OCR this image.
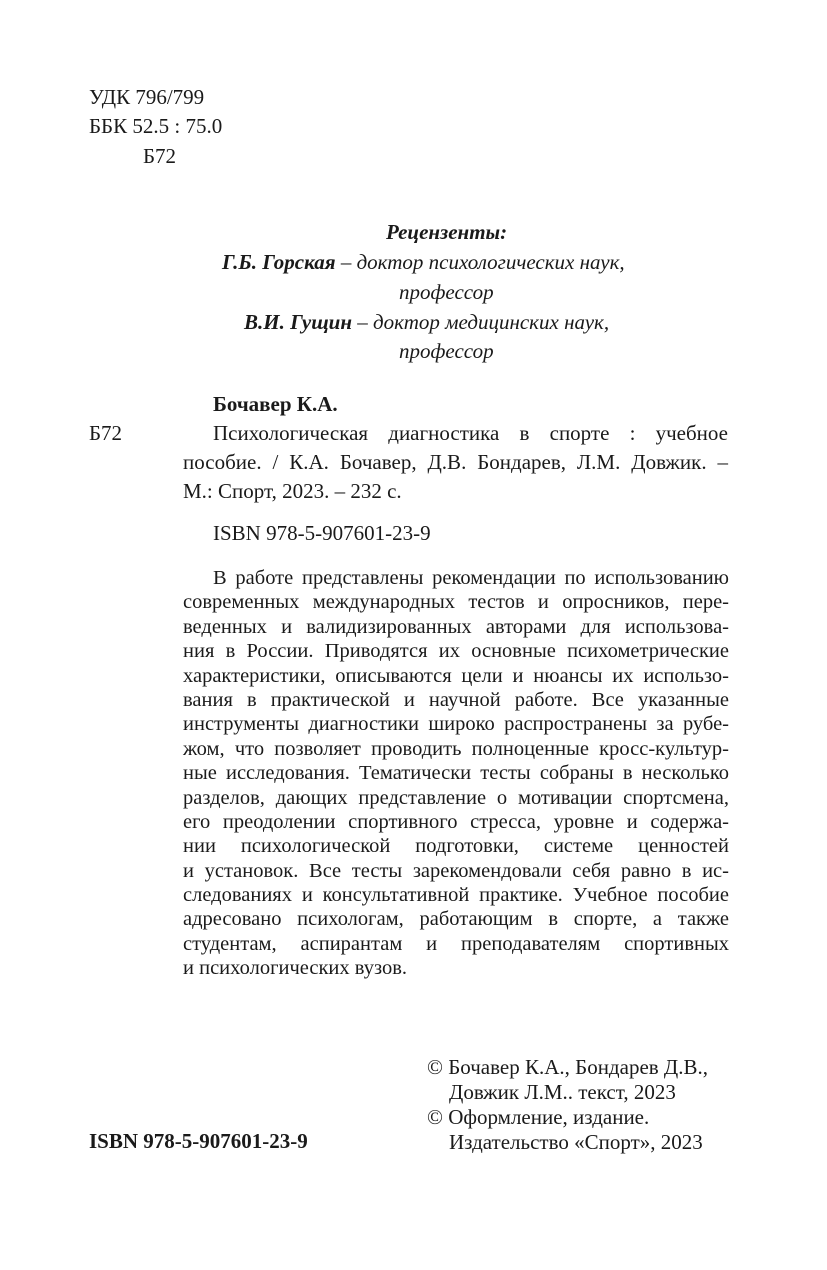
УДК 796/799
ББК 52.5 : 75.0
Б72
Рецензенты:
Г.Б. Горская – доктор психологических наук,
профессор
В.И. Гущин – доктор медицинских наук,
профессор
Бочавер К.А.
Б72	Психологическая диагностика в спорте : учебное
пособие. / К.А. Бочавер, Д.В. Бондарев, Л.М. Довжик. –
М.: Спорт, 2023. – 232 с.
ISBN 978-5-907601-23-9
В работе представлены рекомендации по использованию
современных международных тестов и опросников, пере-
веденных и валидизированных авторами для использова-
ния в России. Приводятся их основные психометрические
характеристики, описываются цели и нюансы их использо-
вания в практической и научной работе. Все указанные
инструменты диагностики широко распространены за рубе-
жом, что позволяет проводить полноценные кросс-культур-
ные исследования. Тематически тесты собраны в несколько
разделов, дающих представление о мотивации спортсмена,
его преодолении спортивного стресса, уровне и содержа-
нии психологической подготовки, системе ценностей
и установок. Все тесты зарекомендовали себя равно в ис-
следованиях и консультативной практике. Учебное пособие
адресовано психологам, работающим в спорте, а также
студентам, аспирантам и преподавателям спортивных
и психологических вузов.
ISBN 978-5-907601-23-9
© Бочавер К.А., Бондарев Д.В.,
Довжик Л.М.. текст, 2023
© Оформление, издание.
Издательство «Спорт», 2023
